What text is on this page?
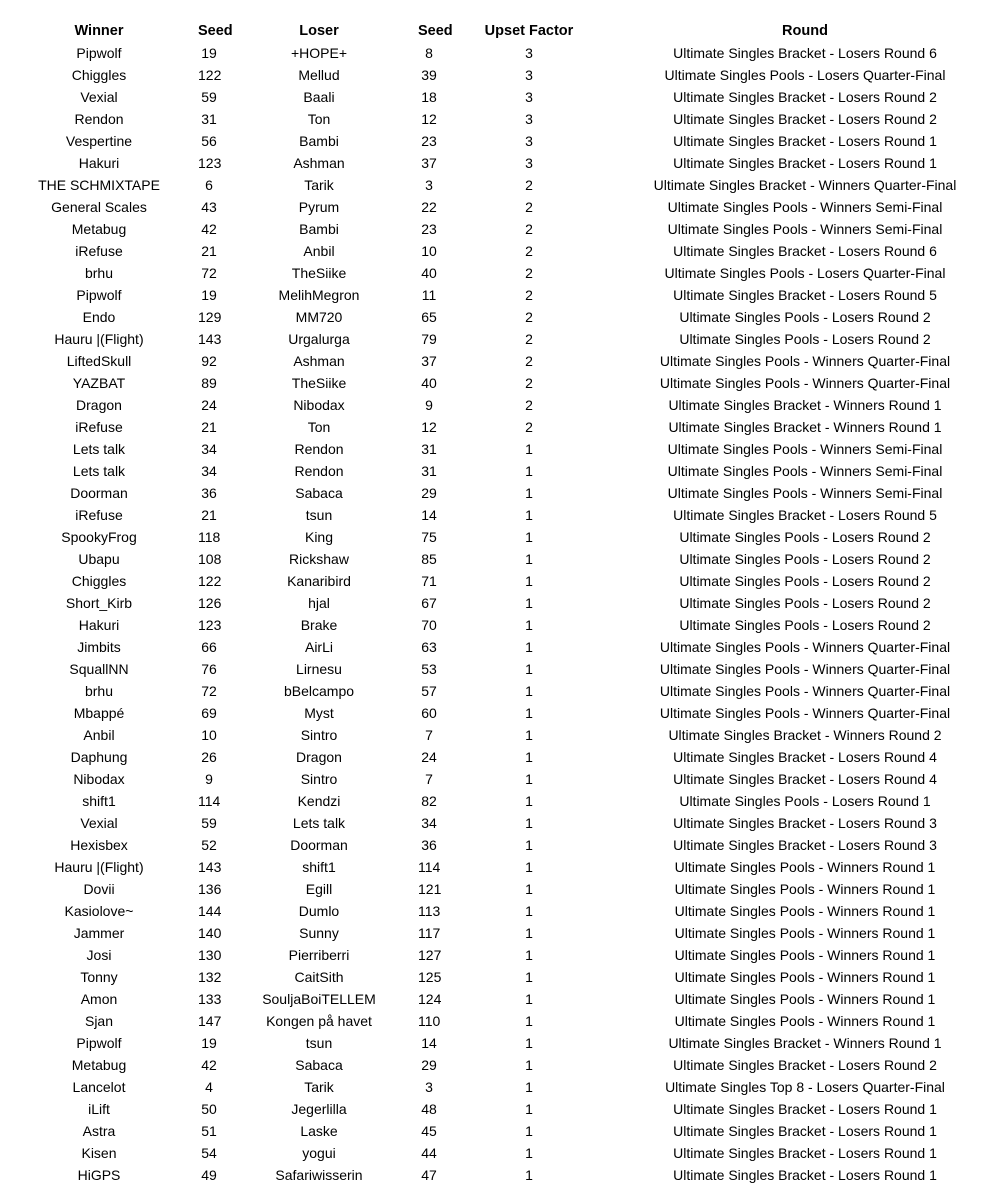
Winner	Seed	Loser	Seed	Upset Factor	Round
Pipwolf	19	+HOPE+	8	3	Ultimate Singles Bracket - Losers Round 6
Chiggles	122	Mellud	39	3	Ultimate Singles Pools - Losers Quarter-Final
Vexial	59	Baali	18	3	Ultimate Singles Bracket - Losers Round 2
Rendon	31	Ton	12	3	Ultimate Singles Bracket - Losers Round 2
Vespertine	56	Bambi	23	3	Ultimate Singles Bracket - Losers Round 1
Hakuri	123	Ashman	37	3	Ultimate Singles Bracket - Losers Round 1
THE SCHMIXTAPE	6	Tarik	3	2	Ultimate Singles Bracket - Winners Quarter-Final
General Scales	43	Pyrum	22	2	Ultimate Singles Pools - Winners Semi-Final
Metabug	42	Bambi	23	2	Ultimate Singles Pools - Winners Semi-Final
iRefuse	21	Anbil	10	2	Ultimate Singles Bracket - Losers Round 6
brhu	72	TheSiike	40	2	Ultimate Singles Pools - Losers Quarter-Final
Pipwolf	19	MelihMegron	11	2	Ultimate Singles Bracket - Losers Round 5
Endo	129	MM720	65	2	Ultimate Singles Pools - Losers Round 2
Hauru |(Flight)	143	Urgalurga	79	2	Ultimate Singles Pools - Losers Round 2
LiftedSkull	92	Ashman	37	2	Ultimate Singles Pools - Winners Quarter-Final
YAZBAT	89	TheSiike	40	2	Ultimate Singles Pools - Winners Quarter-Final
Dragon	24	Nibodax	9	2	Ultimate Singles Bracket - Winners Round 1
iRefuse	21	Ton	12	2	Ultimate Singles Bracket - Winners Round 1
Lets talk	34	Rendon	31	1	Ultimate Singles Pools - Winners Semi-Final
Lets talk	34	Rendon	31	1	Ultimate Singles Pools - Winners Semi-Final
Doorman	36	Sabaca	29	1	Ultimate Singles Pools - Winners Semi-Final
iRefuse	21	tsun	14	1	Ultimate Singles Bracket - Losers Round 5
SpookyFrog	118	King	75	1	Ultimate Singles Pools - Losers Round 2
Ubapu	108	Rickshaw	85	1	Ultimate Singles Pools - Losers Round 2
Chiggles	122	Kanaribird	71	1	Ultimate Singles Pools - Losers Round 2
Short_Kirb	126	hjal	67	1	Ultimate Singles Pools - Losers Round 2
Hakuri	123	Brake	70	1	Ultimate Singles Pools - Losers Round 2
Jimbits	66	AirLi	63	1	Ultimate Singles Pools - Winners Quarter-Final
SquallNN	76	Lirnesu	53	1	Ultimate Singles Pools - Winners Quarter-Final
brhu	72	bBelcampo	57	1	Ultimate Singles Pools - Winners Quarter-Final
Mbappé	69	Myst	60	1	Ultimate Singles Pools - Winners Quarter-Final
Anbil	10	Sintro	7	1	Ultimate Singles Bracket - Winners Round 2
Daphung	26	Dragon	24	1	Ultimate Singles Bracket - Losers Round 4
Nibodax	9	Sintro	7	1	Ultimate Singles Bracket - Losers Round 4
shift1	114	Kendzi	82	1	Ultimate Singles Pools - Losers Round 1
Vexial	59	Lets talk	34	1	Ultimate Singles Bracket - Losers Round 3
Hexisbex	52	Doorman	36	1	Ultimate Singles Bracket - Losers Round 3
Hauru |(Flight)	143	shift1	114	1	Ultimate Singles Pools - Winners Round 1
Dovii	136	Egill	121	1	Ultimate Singles Pools - Winners Round 1
Kasiolove~	144	Dumlo	113	1	Ultimate Singles Pools - Winners Round 1
Jammer	140	Sunny	117	1	Ultimate Singles Pools - Winners Round 1
Josi	130	Pierriberri	127	1	Ultimate Singles Pools - Winners Round 1
Tonny	132	CaitSith	125	1	Ultimate Singles Pools - Winners Round 1
Amon	133	SouljaBoiTELLEM	124	1	Ultimate Singles Pools - Winners Round 1
Sjan	147	Kongen på havet	110	1	Ultimate Singles Pools - Winners Round 1
Pipwolf	19	tsun	14	1	Ultimate Singles Bracket - Winners Round 1
Metabug	42	Sabaca	29	1	Ultimate Singles Bracket - Losers Round 2
Lancelot	4	Tarik	3	1	Ultimate Singles Top 8 - Losers Quarter-Final
iLift	50	Jegerlilla	48	1	Ultimate Singles Bracket - Losers Round 1
Astra	51	Laske	45	1	Ultimate Singles Bracket - Losers Round 1
Kisen	54	yogui	44	1	Ultimate Singles Bracket - Losers Round 1
HiGPS	49	Safariwisserin	47	1	Ultimate Singles Bracket - Losers Round 1
